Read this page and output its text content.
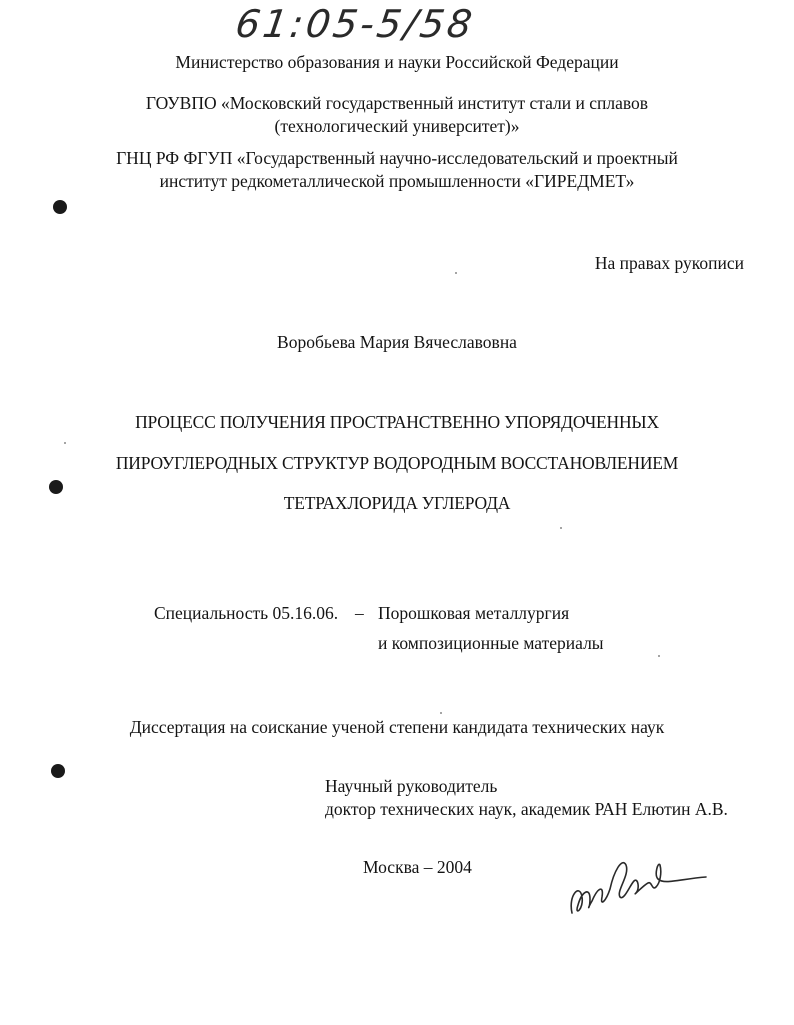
61:05-5/58
Министерство образования и науки Российской Федерации
ГОУВПО «Московский государственный институт стали и сплавов
(технологический университет)»
ГНЦ РФ ФГУП «Государственный научно-исследовательский и проектный
институт редкометаллической промышленности «ГИРЕДМЕТ»
На правах рукописи
Воробьева Мария Вячеславовна
ПРОЦЕСС ПОЛУЧЕНИЯ ПРОСТРАНСТВЕННО УПОРЯДОЧЕННЫХ
ПИРОУГЛЕРОДНЫХ СТРУКТУР ВОДОРОДНЫМ ВОССТАНОВЛЕНИЕМ
ТЕТРАХЛОРИДА УГЛЕРОДА
Специальность 05.16.06. – Порошковая металлургия
и композиционные материалы
Диссертация на соискание ученой степени кандидата технических наук
Научный руководитель
доктор технических наук, академик РАН Елютин А.В.
Москва – 2004
